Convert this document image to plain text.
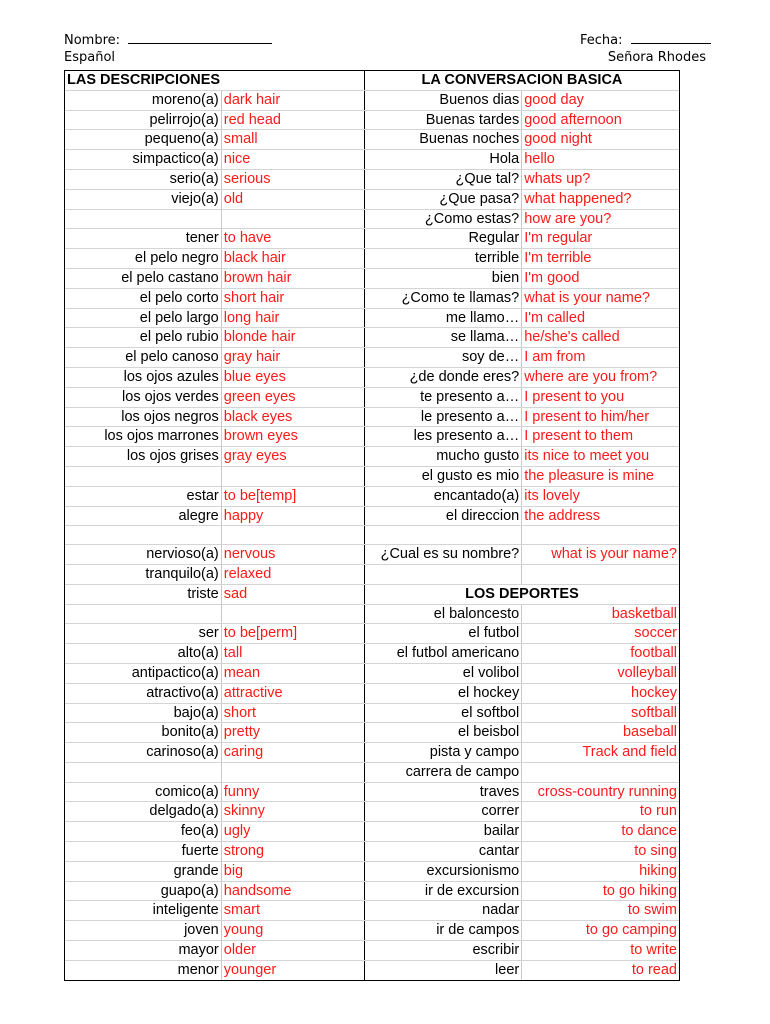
Nombre:	Fecha:
Español	Señora Rhodes
LAS DESCRIPCIONES		LA CONVERSACION BASICA	
moreno(a)	dark hair	Buenos dias	good day
pelirrojo(a)	red head	Buenas tardes	good afternoon
pequeno(a)	small	Buenas noches	good night
simpactico(a)	nice	Hola	hello
serio(a)	serious	¿Que tal?	whats up?
viejo(a)	old	¿Que pasa?	what happened?
		¿Como estas?	how are you?
tener	to have	Regular	I'm regular
el pelo negro	black hair	terrible	I'm terrible
el pelo castano	brown hair	bien	I'm good
el pelo corto	short hair	¿Como te llamas?	what is your name?
el pelo largo	long hair	me llamo…	I'm called
el pelo rubio	blonde hair	se llama…	he/she's called
el pelo canoso	gray hair	soy de…	I am from
los ojos azules	blue eyes	¿de donde eres?	where are you from?
los ojos verdes	green eyes	te presento a…	I present to you
los ojos negros	black eyes	le presento a…	I present to him/her
los ojos marrones	brown eyes	les presento a…	I present to them
los ojos grises	gray eyes	mucho gusto	its nice to meet you
		el gusto es mio	the pleasure is mine
estar	to be[temp]	encantado(a)	its lovely
alegre	happy	el direccion	the address

nervioso(a)	nervous	¿Cual es su nombre?	what is your name?
tranquilo(a)	relaxed		
triste	sad	LOS DEPORTES	
		el baloncesto	basketball
ser	to be[perm]	el futbol	soccer
alto(a)	tall	el futbol americano	football
antipactico(a)	mean	el volibol	volleyball
atractivo(a)	attractive	el hockey	hockey
bajo(a)	short	el softbol	softball
bonito(a)	pretty	el beisbol	baseball
carinoso(a)	caring	pista y campo	Track and field
		carrera de campo	
comico(a)	funny	traves	cross-country running
delgado(a)	skinny	correr	to run
feo(a)	ugly	bailar	to dance
fuerte	strong	cantar	to sing
grande	big	excursionismo	hiking
guapo(a)	handsome	ir de excursion	to go hiking
inteligente	smart	nadar	to swim
joven	young	ir de campos	to go camping
mayor	older	escribir	to write
menor	younger	leer	to read
